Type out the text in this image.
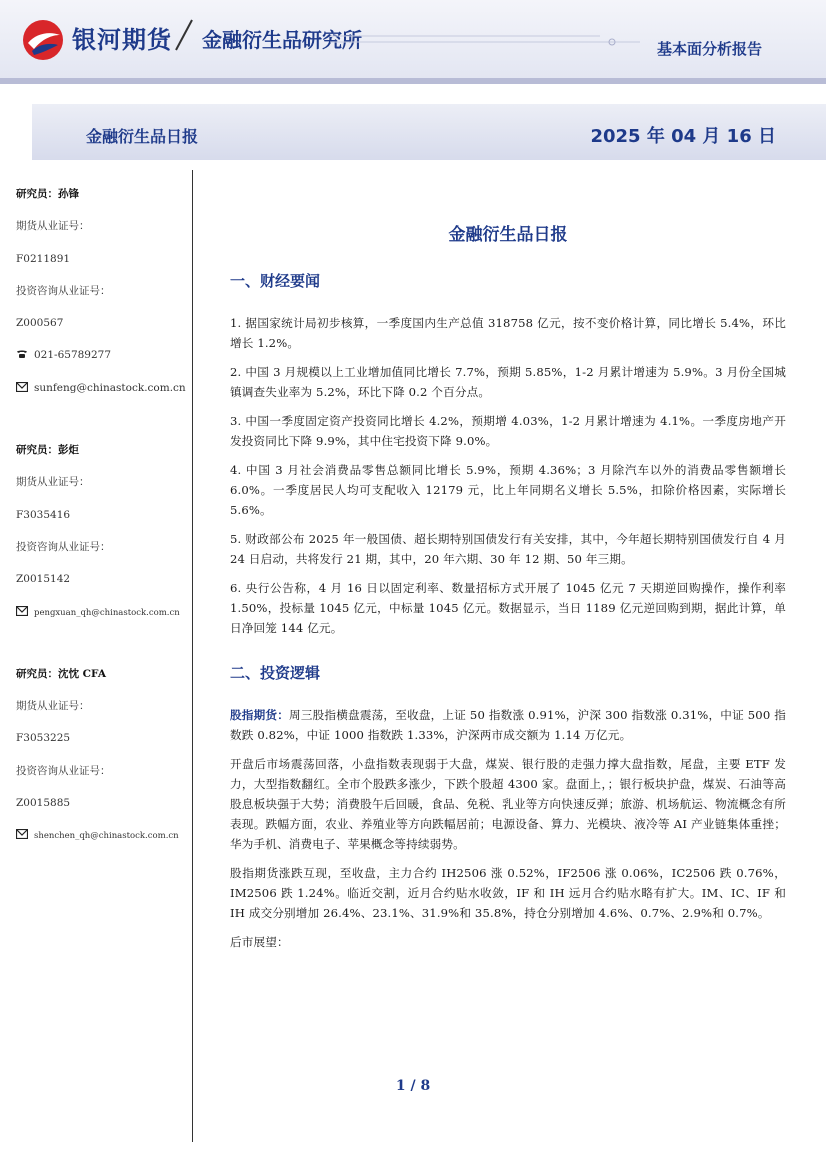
银河期货 金融衍生品研究所	基本面分析报告
金融衍生品日报	2025 年 04 月 16 日
研究员：孙锋
期货从业证号：
F0211891
投资咨询从业证号：
Z000567
021-65789277
sunfeng@chinastock.com.cn
研究员：彭炬
期货从业证号：
F3035416
投资咨询从业证号：
Z0015142
pengxuan_qh@chinastock.com.cn
研究员：沈忱 CFA
期货从业证号：
F3053225
投资咨询从业证号：
Z0015885
shenchen_qh@chinastock.com.cn
金融衍生品日报
一、财经要闻

1. 据国家统计局初步核算，一季度国内生产总值 318758 亿元，按不变价格计算，同比增长 5.4%，环比增长 1.2%。

2. 中国 3 月规模以上工业增加值同比增长 7.7%，预期 5.85%，1-2 月累计增速为 5.9%。3 月份全国城镇调查失业率为 5.2%，环比下降 0.2 个百分点。

3. 中国一季度固定资产投资同比增长 4.2%，预期增 4.03%，1-2 月累计增速为 4.1%。一季度房地产开发投资同比下降 9.9%，其中住宅投资下降 9.0%。

4. 中国 3 月社会消费品零售总额同比增长 5.9%，预期 4.36%；3 月除汽车以外的消费品零售额增长 6.0%。一季度居民人均可支配收入 12179 元，比上年同期名义增长 5.5%，扣除价格因素，实际增长 5.6%。

5. 财政部公布 2025 年一般国债、超长期特别国债发行有关安排，其中，今年超长期特别国债发行自 4 月 24 日启动，共将发行 21 期，其中，20 年六期、30 年 12 期、50 年三期。

6. 央行公告称，4 月 16 日以固定利率、数量招标方式开展了 1045 亿元 7 天期逆回购操作，操作利率 1.50%，投标量 1045 亿元，中标量 1045 亿元。数据显示，当日 1189 亿元逆回购到期，据此计算，单日净回笼 144 亿元。

二、投资逻辑

股指期货：周三股指横盘震荡，至收盘，上证 50 指数涨 0.91%，沪深 300 指数涨 0.31%，中证 500 指数跌 0.82%，中证 1000 指数跌 1.33%，沪深两市成交额为 1.14 万亿元。

开盘后市场震荡回落，小盘指数表现弱于大盘，煤炭、银行股的走强力撑大盘指数，尾盘，主要 ETF 发力，大型指数翻红。全市个股跌多涨少，下跌个股超 4300 家。盘面上，；银行板块护盘，煤炭、石油等高股息板块强于大势；消费股午后回暖，食品、免税、乳业等方向快速反弹；旅游、机场航运、物流概念有所表现。跌幅方面，农业、养殖业等方向跌幅居前；电源设备、算力、光模块、液冷等 AI 产业链集体重挫；华为手机、消费电子、苹果概念等持续弱势。

股指期货涨跌互现，至收盘，主力合约 IH2506 涨 0.52%，IF2506 涨 0.06%，IC2506 跌 0.76%，IM2506 跌 1.24%。临近交割，近月合约贴水收敛，IF 和 IH 远月合约贴水略有扩大。IM、IC、IF 和 IH 成交分别增加 26.4%、23.1%、31.9%和 35.8%，持仓分别增加 4.6%、0.7%、2.9%和 0.7%。

后市展望：

1 / 8
